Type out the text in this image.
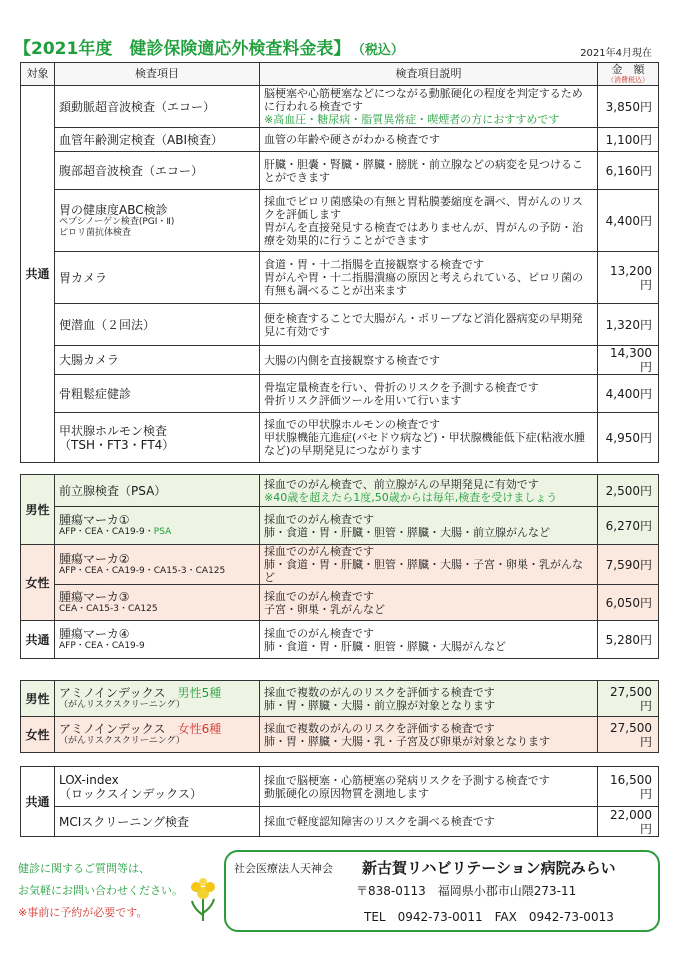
【2021年度　健診保険適応外検査料金表】 （税込）	2021年4月現在
対象	検査項目	検査項目説明	金　額
（消費税込）

共通	頚動脈超音波検査（エコー）	脳梗塞や心筋梗塞などにつながる動脈硬化の程度を判定するために行われる検査です
※高血圧・糖尿病・脂質異常症・喫煙者の方におすすめです	3,850円
	血管年齢測定検査（ABI検査）	血管の年齢や硬さがわかる検査です	1,100円
	腹部超音波検査（エコー）	肝臓・胆嚢・腎臓・膵臓・膀胱・前立腺などの病変を見つけることができます	6,160円
	胃の健康度ABC検診
ペプシノーゲン検査(PGⅠ・Ⅱ)
ピロリ菌抗体検査	採血でピロリ菌感染の有無と胃粘膜萎縮度を調べ、胃がんのリスクを評価します
胃がんを直接発見する検査ではありませんが、胃がんの予防・治療を効果的に行うことができます	4,400円
	胃カメラ	食道・胃・十二指腸を直接観察する検査です
胃がんや胃・十二指腸潰瘍の原因と考えられている、ピロリ菌の有無も調べることが出来ます	13,200円
	便潜血（２回法）	便を検査することで大腸がん・ポリープなど消化器病変の早期発見に有効です	1,320円
	大腸カメラ	大腸の内側を直接観察する検査です	14,300円
	骨粗鬆症健診	骨塩定量検査を行い、骨折のリスクを予測する検査です
骨折リスク評価ツールを用いて行います	4,400円
	甲状腺ホルモン検査
（TSH・FT3・FT4）	採血での甲状腺ホルモンの検査です
甲状腺機能亢進症(バセドウ病など)・甲状腺機能低下症(粘液水腫など)の早期発見につながります	4,950円
男性	前立腺検査（PSA）	採血でのがん検査で、前立腺がんの早期発見に有効です
※40歳を超えたら1度,50歳からは毎年,検査を受けましょう	2,500円
	腫瘍マーカ①
AFP・CEA・CA19-9・PSA	採血でのがん検査です
肺・食道・胃・肝臓・胆管・膵臓・大腸・前立腺がんなど	6,270円
女性	腫瘍マーカ②
AFP・CEA・CA19-9・CA15-3・CA125	採血でのがん検査です
肺・食道・胃・肝臓・胆管・膵臓・大腸・子宮・卵巣・乳がんなど	7,590円
	腫瘍マーカ③
CEA・CA15-3・CA125	採血でのがん検査です
子宮・卵巣・乳がんなど	6,050円
共通	腫瘍マーカ④
AFP・CEA・CA19-9	採血でのがん検査です
肺・食道・胃・肝臓・胆管・膵臓・大腸がんなど	5,280円
男性	アミノインデックス　 男性5種
（がんリスクスクリーニング）	採血で複数のがんのリスクを評価する検査です
肺・胃・膵臓・大腸・前立腺が対象となります	27,500円
女性	アミノインデックス　 女性6種
（がんリスクスクリーニング）	採血で複数のがんのリスクを評価する検査です
肺・胃・膵臓・大腸・乳・子宮及び卵巣が対象となります	27,500円
共通	LOX-index
（ロックスインデックス）	採血で脳梗塞・心筋梗塞の発病リスクを予測する検査です
動脈硬化の原因物質を測地します	16,500円
	MCIスクリーニング検査	採血で軽度認知障害のリスクを調べる検査です	22,000円
健診に関するご質問等は、
お気軽にお問い合わせください。
※事前に予約が必要です。
社会医療法人天神会 新古賀リハビリテーション病院みらい
〒838-0113　福岡県小郡市山隈273-11
TEL　0942-73-0011　FAX　0942-73-0013
